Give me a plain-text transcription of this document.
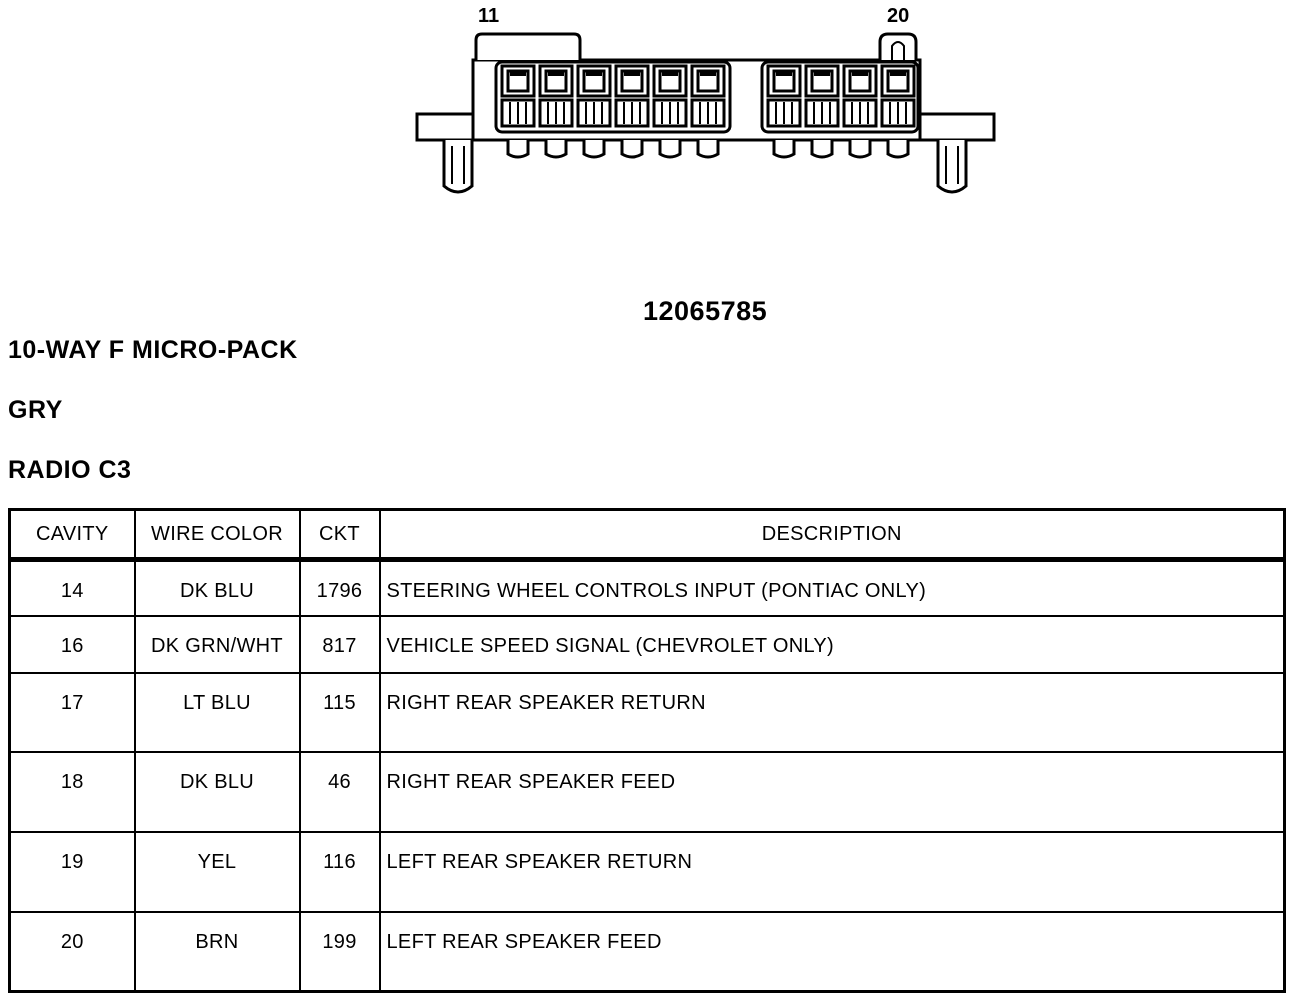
11	20
12065785
10-WAY F MICRO-PACK
GRY
RADIO C3
CAVITY	WIRE COLOR	CKT	DESCRIPTION
14	DK BLU	1796	STEERING WHEEL CONTROLS INPUT (PONTIAC ONLY)
16	DK GRN/WHT	817	VEHICLE SPEED SIGNAL (CHEVROLET ONLY)
17	LT BLU	115	RIGHT REAR SPEAKER RETURN
18	DK BLU	46	RIGHT REAR SPEAKER FEED
19	YEL	116	LEFT REAR SPEAKER RETURN
20	BRN	199	LEFT REAR SPEAKER FEED
